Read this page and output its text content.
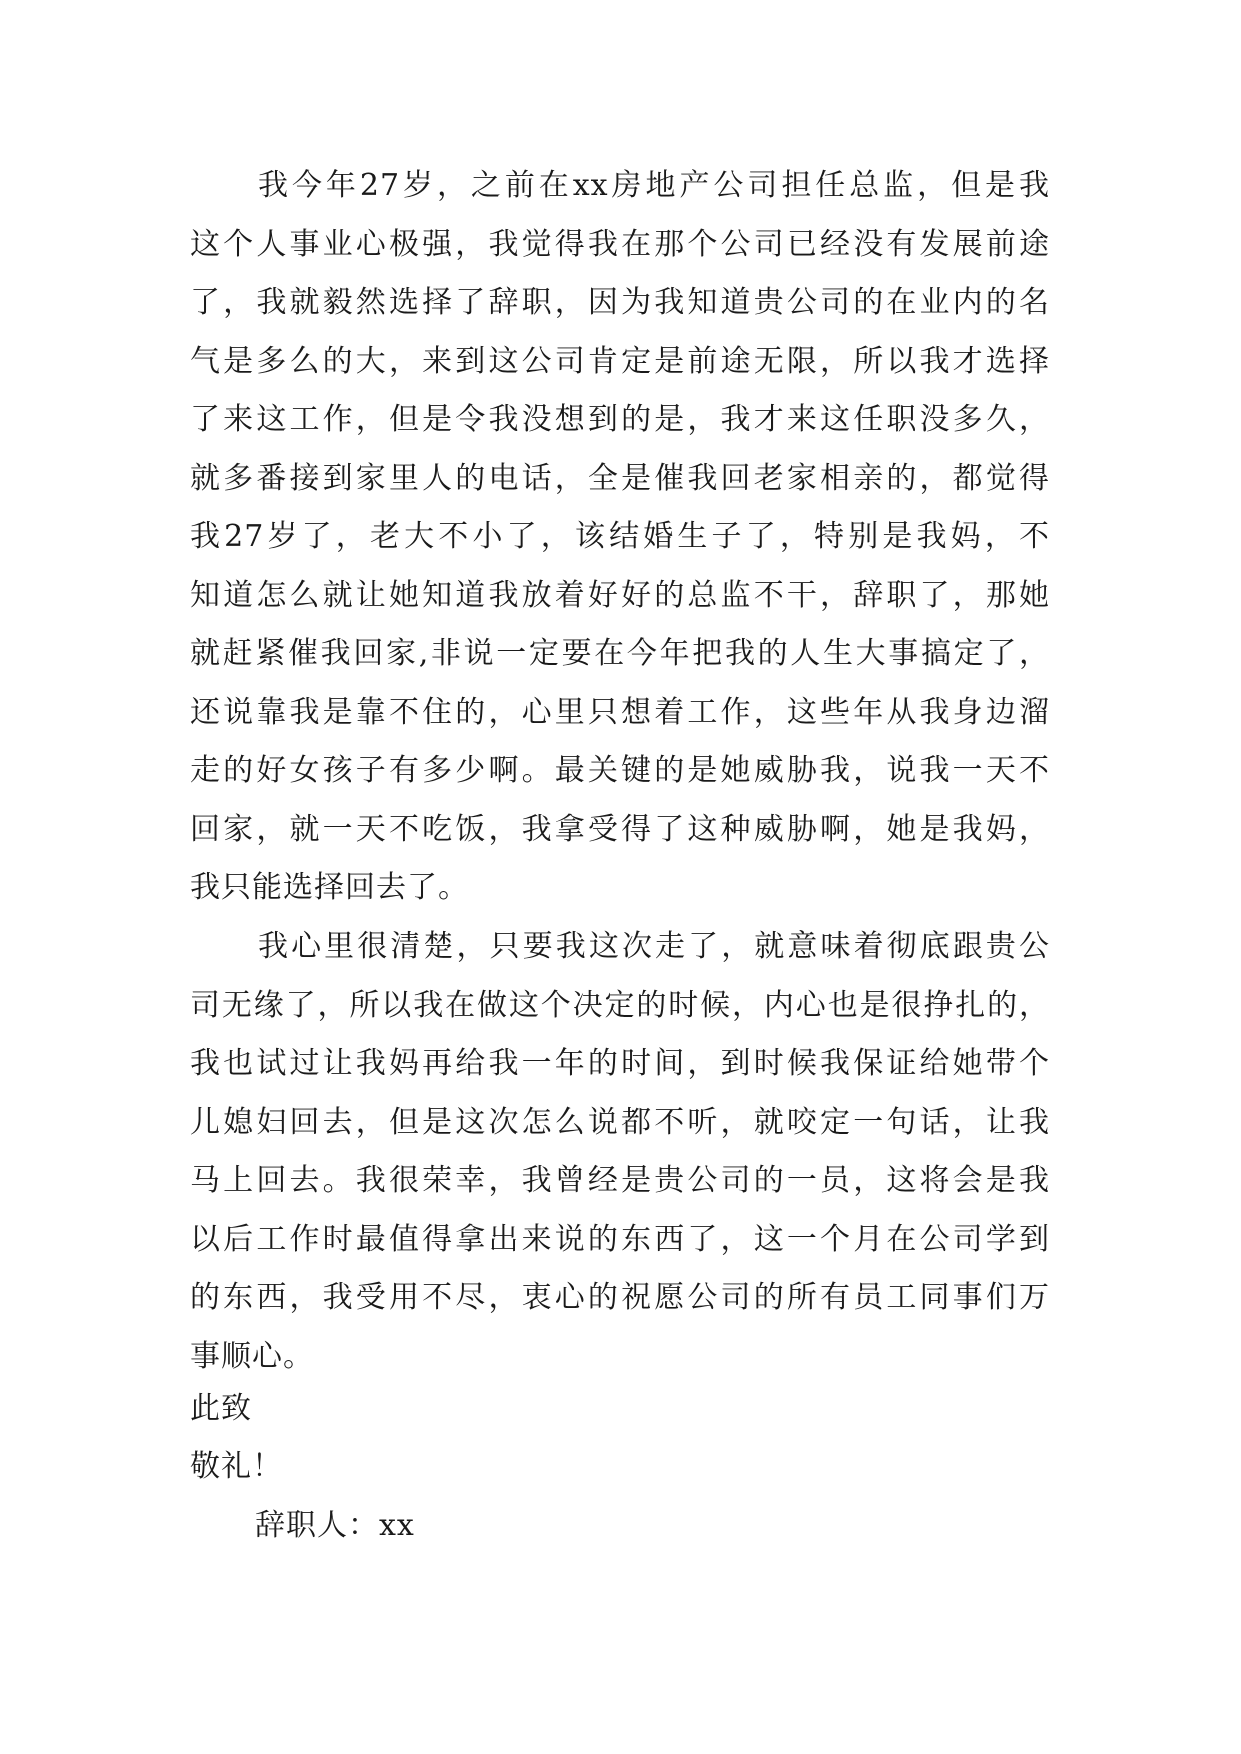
我今年27岁，之前在xx房地产公司担任总监，但是我
这个人事业心极强，我觉得我在那个公司已经没有发展前途
了，我就毅然选择了辞职，因为我知道贵公司的在业内的名
气是多么的大，来到这公司肯定是前途无限，所以我才选择
了来这工作，但是令我没想到的是，我才来这任职没多久，
就多番接到家里人的电话，全是催我回老家相亲的，都觉得
我27岁了，老大不小了，该结婚生子了，特别是我妈，不
知道怎么就让她知道我放着好好的总监不干，辞职了，那她
就赶紧催我回家,非说一定要在今年把我的人生大事搞定了，
还说靠我是靠不住的，心里只想着工作，这些年从我身边溜
走的好女孩子有多少啊。最关键的是她威胁我，说我一天不
回家，就一天不吃饭，我拿受得了这种威胁啊，她是我妈，
我只能选择回去了。
我心里很清楚，只要我这次走了，就意味着彻底跟贵公
司无缘了，所以我在做这个决定的时候，内心也是很挣扎的，
我也试过让我妈再给我一年的时间，到时候我保证给她带个
儿媳妇回去，但是这次怎么说都不听，就咬定一句话，让我
马上回去。我很荣幸，我曾经是贵公司的一员，这将会是我
以后工作时最值得拿出来说的东西了，这一个月在公司学到
的东西，我受用不尽，衷心的祝愿公司的所有员工同事们万
事顺心。
此致
敬礼！
辞职人：xx
